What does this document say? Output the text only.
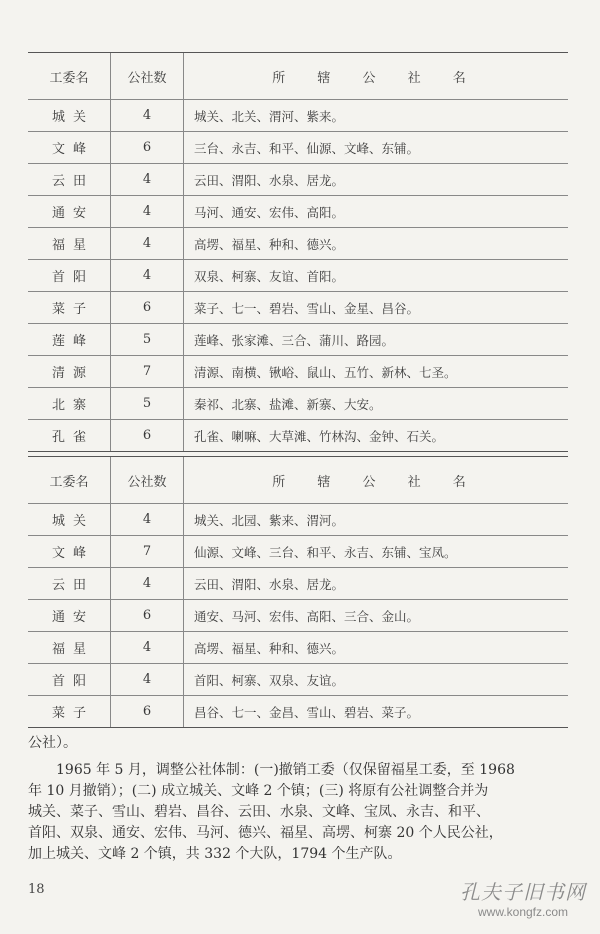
工委名	公社数	所 辖 公 社 名
城关	4	城关、北关、渭河、紫来。
文峰	6	三台、永吉、和平、仙源、文峰、东铺。
云田	4	云田、渭阳、水泉、居龙。
通安	4	马河、通安、宏伟、高阳。
福星	4	高塄、福星、种和、德兴。
首阳	4	双泉、柯寨、友谊、首阳。
菜子	6	菜子、七一、碧岩、雪山、金星、昌谷。
莲峰	5	莲峰、张家滩、三合、蒲川、路园。
清源	7	清源、南横、锹峪、鼠山、五竹、新林、七圣。
北寨	5	秦祁、北寨、盐滩、新寨、大安。
孔雀	6	孔雀、喇嘛、大草滩、竹林沟、金钟、石关。
工委名	公社数	所 辖 公 社 名
城关	4	城关、北园、紫来、渭河。
文峰	7	仙源、文峰、三台、和平、永吉、东铺、宝凤。
云田	4	云田、渭阳、水泉、居龙。
通安	6	通安、马河、宏伟、高阳、三合、金山。
福星	4	高塄、福星、种和、德兴。
首阳	4	首阳、柯寨、双泉、友谊。
菜子	6	昌谷、七一、金昌、雪山、碧岩、菜子。

公社）。

1965 年 5 月，调整公社体制：(一)撤销工委（仅保留福星工委，至 1968

年 10 月撤销）；(二) 成立城关、文峰 2 个镇；(三) 将原有公社调整合并为

城关、菜子、雪山、碧岩、昌谷、云田、水泉、文峰、宝凤、永吉、和平、

首阳、双泉、通安、宏伟、马河、德兴、福星、高塄、柯寨 20 个人民公社，

加上城关、文峰 2 个镇，共 332 个大队，1794 个生产队。

18	孔夫子旧书网
www.kongfz.com
